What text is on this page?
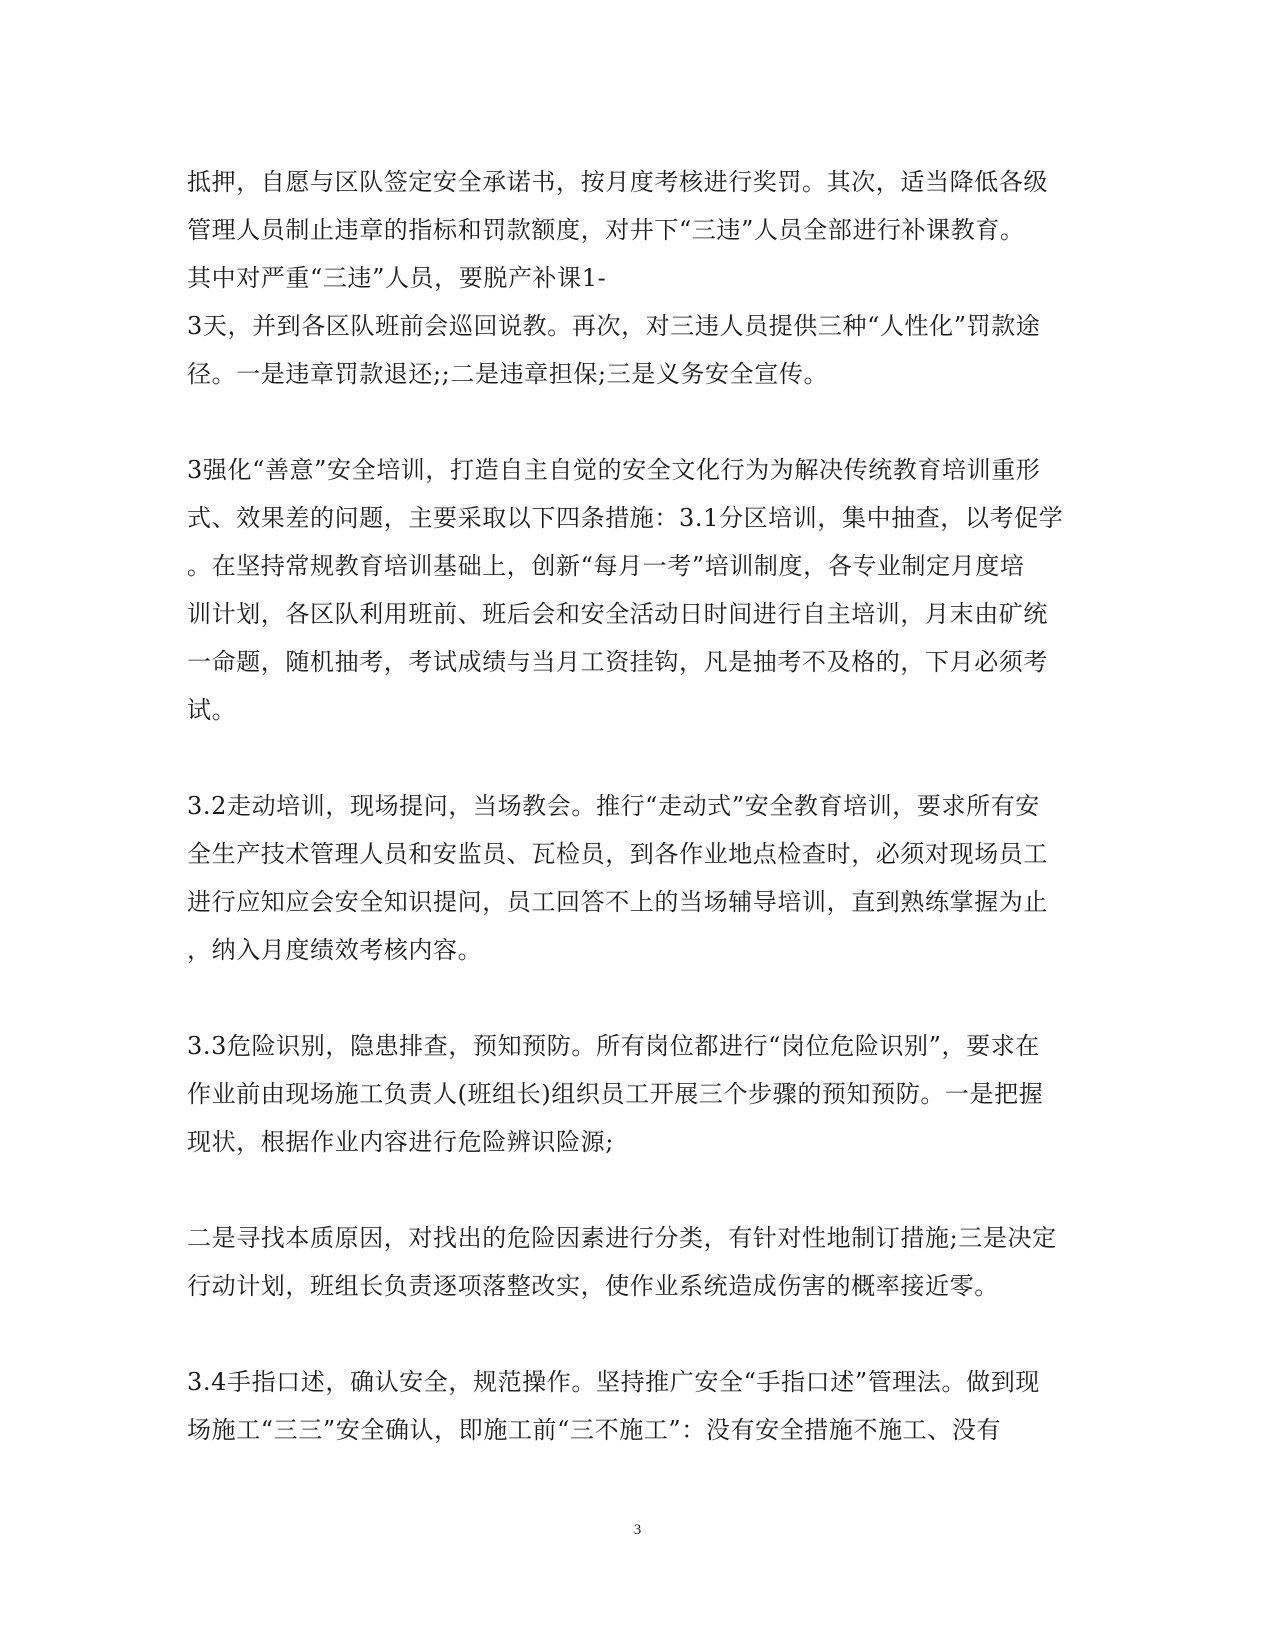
抵押，自愿与区队签定安全承诺书，按月度考核进行奖罚。其次，适当降低各级
管理人员制止违章的指标和罚款额度，对井下“三违”人员全部进行补课教育。
其中对严重“三违”人员，要脱产补课1-
3天，并到各区队班前会巡回说教。再次，对三违人员提供三种“人性化”罚款途
径。一是违章罚款退还;;二是违章担保;三是义务安全宣传。
3强化“善意”安全培训，打造自主自觉的安全文化行为为解决传统教育培训重形
式、效果差的问题，主要采取以下四条措施：3.1分区培训，集中抽查，以考促学
。在坚持常规教育培训基础上，创新“每月一考”培训制度，各专业制定月度培
训计划，各区队利用班前、班后会和安全活动日时间进行自主培训，月末由矿统
一命题，随机抽考，考试成绩与当月工资挂钩，凡是抽考不及格的，下月必须考
试。
3.2走动培训，现场提问，当场教会。推行“走动式”安全教育培训，要求所有安
全生产技术管理人员和安监员、瓦检员，到各作业地点检查时，必须对现场员工
进行应知应会安全知识提问，员工回答不上的当场辅导培训，直到熟练掌握为止
，纳入月度绩效考核内容。
3.3危险识别，隐患排查，预知预防。所有岗位都进行“岗位危险识别”，要求在
作业前由现场施工负责人(班组长)组织员工开展三个步骤的预知预防。一是把握
现状，根据作业内容进行危险辨识险源;
二是寻找本质原因，对找出的危险因素进行分类，有针对性地制订措施;三是决定
行动计划，班组长负责逐项落整改实，使作业系统造成伤害的概率接近零。
3.4手指口述，确认安全，规范操作。坚持推广安全“手指口述”管理法。做到现
场施工“三三”安全确认，即施工前“三不施工”：没有安全措施不施工、没有
3
